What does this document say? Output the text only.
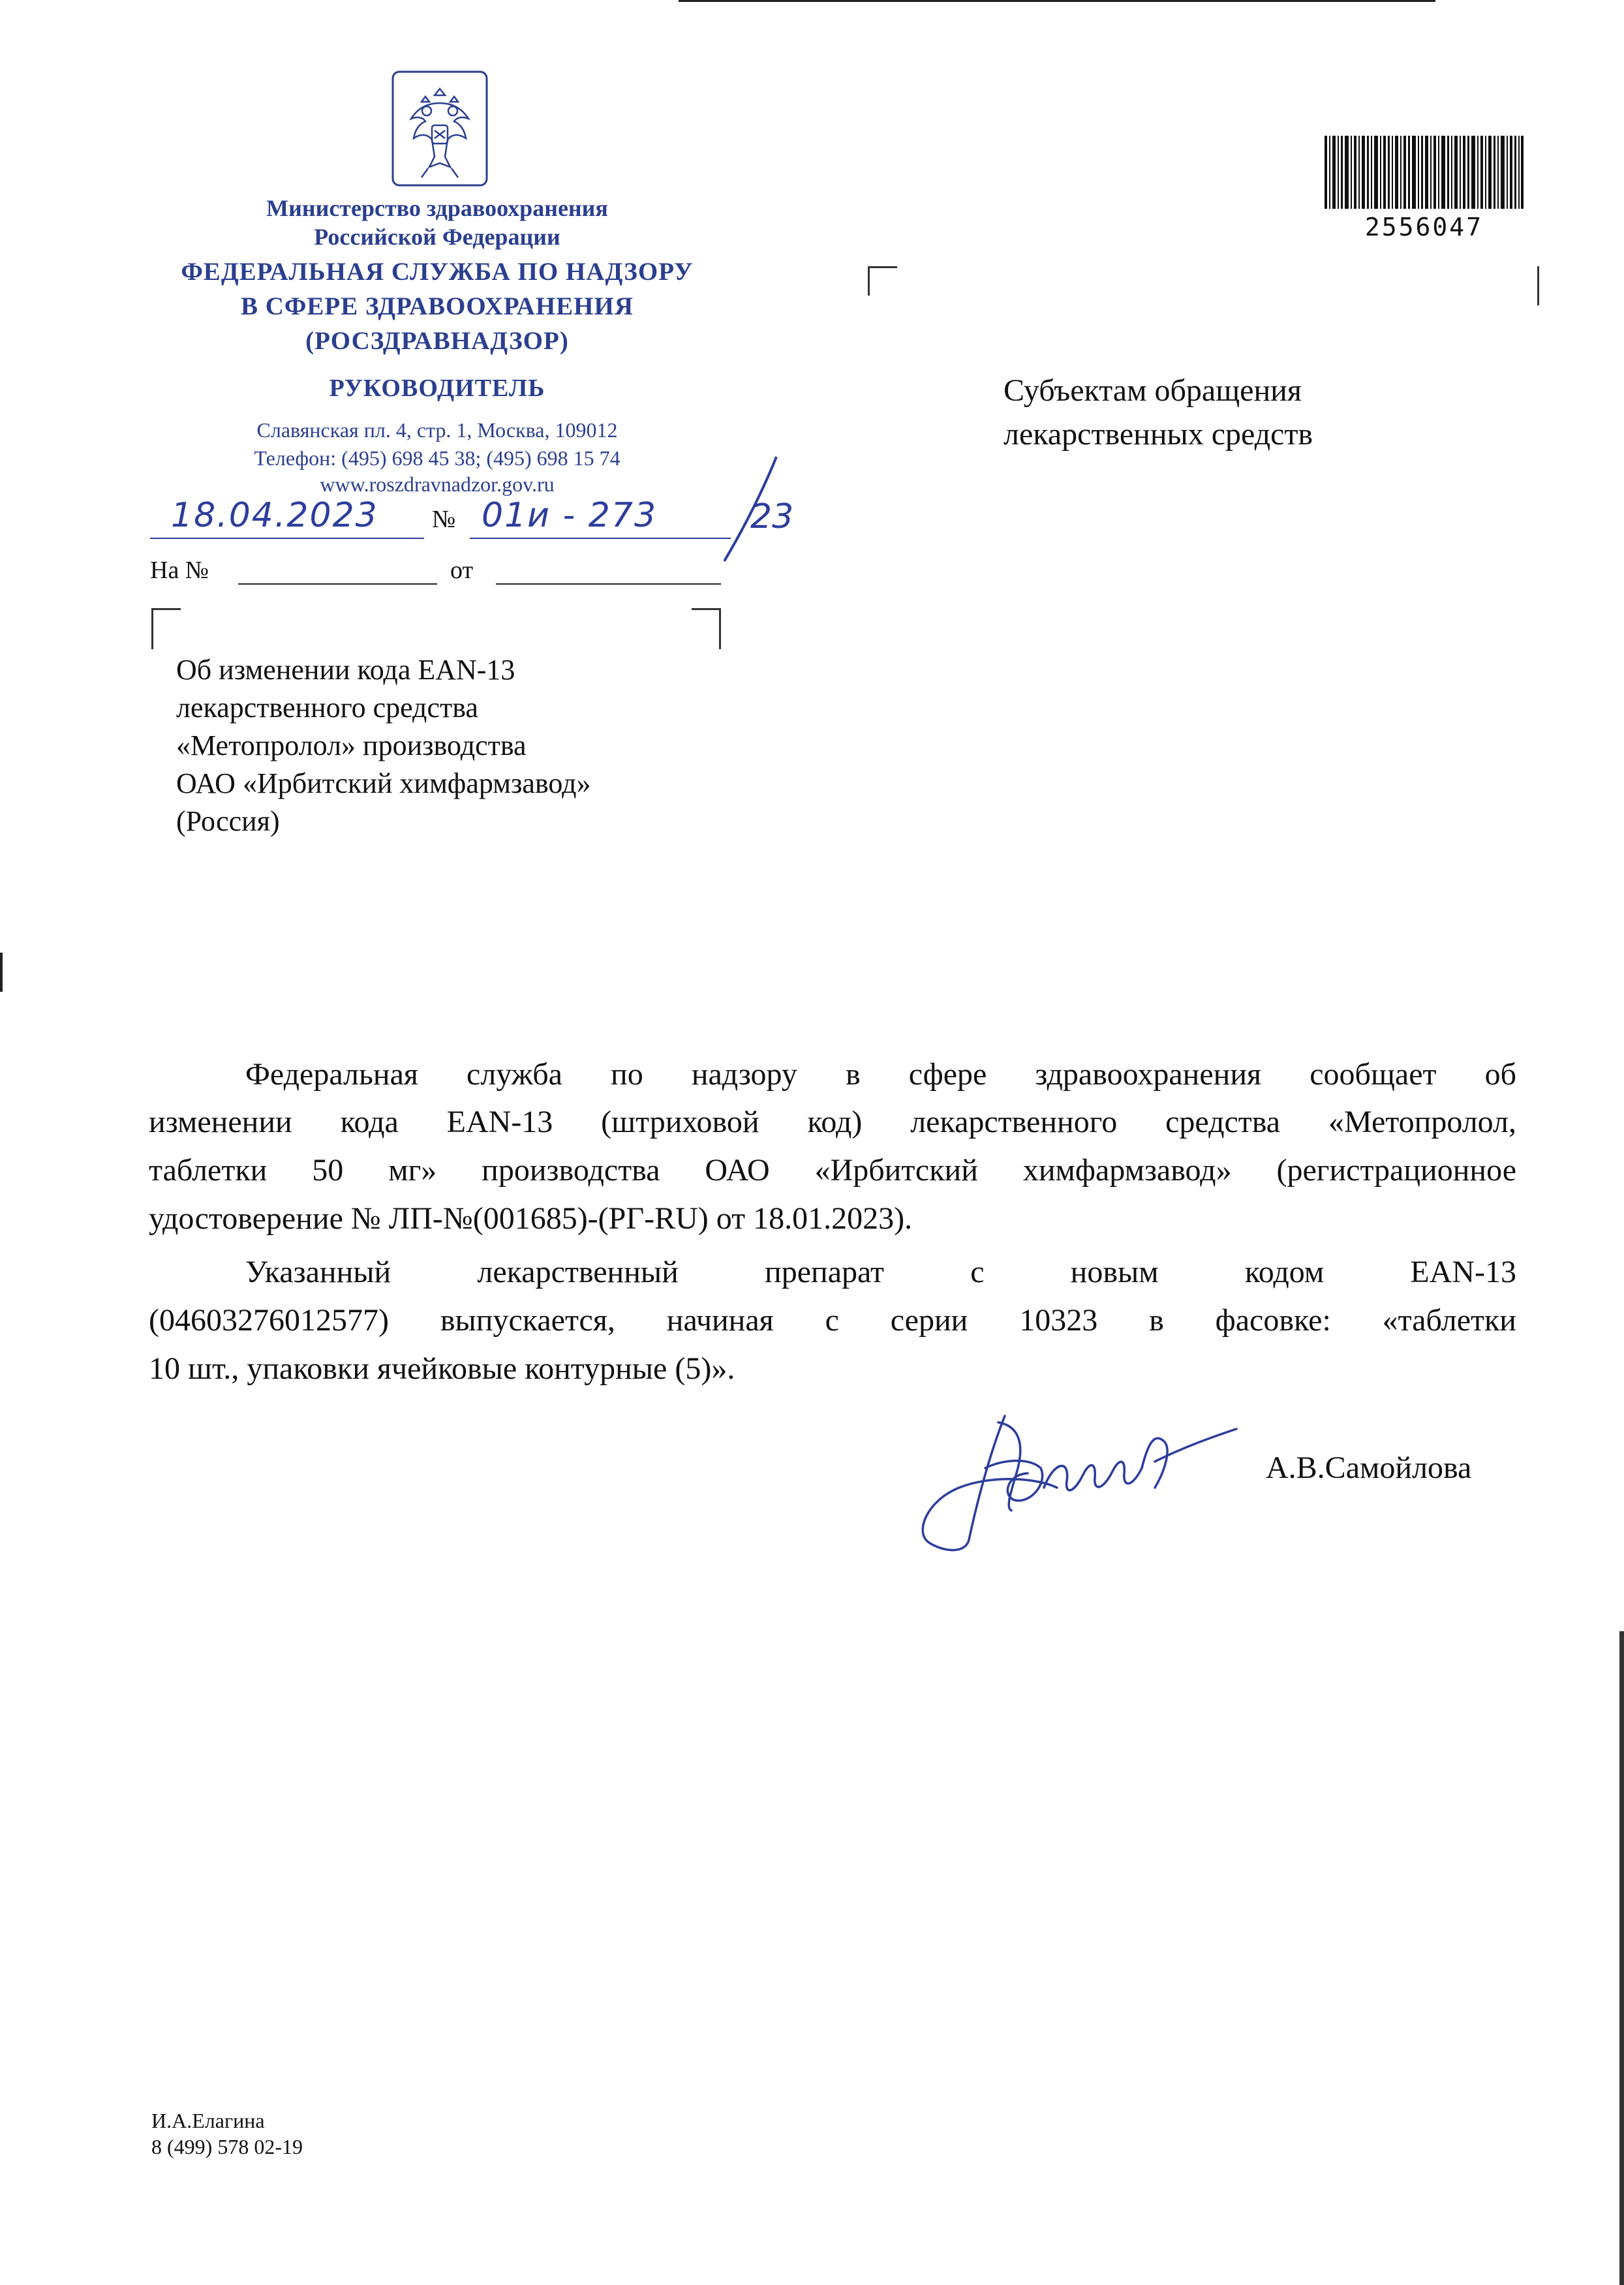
2556047
Министерство здравоохранения
Российской Федерации
ФЕДЕРАЛЬНАЯ СЛУЖБА ПО НАДЗОРУ
В СФЕРЕ ЗДРАВООХРАНЕНИЯ
(РОСЗДРАВНАДЗОР)
РУКОВОДИТЕЛЬ
Славянская пл. 4, стр. 1, Москва, 109012
Телефон: (495) 698 45 38; (495) 698 15 74
www.roszdravnadzor.gov.ru
18.04.2023 № 01и - 273	23
На №	от
Субъектам обращения
лекарственных средств
Об изменении кода EAN-13
лекарственного средства
«Метопролол» производства
ОАО «Ирбитский химфармзавод»
(Россия)
Федеральная служба по надзору в сфере здравоохранения сообщает об
изменении кода EAN-13 (штриховой код) лекарственного средства «Метопролол,
таблетки 50 мг» производства ОАО «Ирбитский химфармзавод» (регистрационное
удостоверение № ЛП-№(001685)-(РГ-RU) от 18.01.2023).
Указанный лекарственный препарат с новым кодом EAN-13
(04603276012577) выпускается, начиная с серии 10323 в фасовке: «таблетки
10 шт., упаковки ячейковые контурные (5)».
А.В.Самойлова
И.А.Елагина
8 (499) 578 02-19
